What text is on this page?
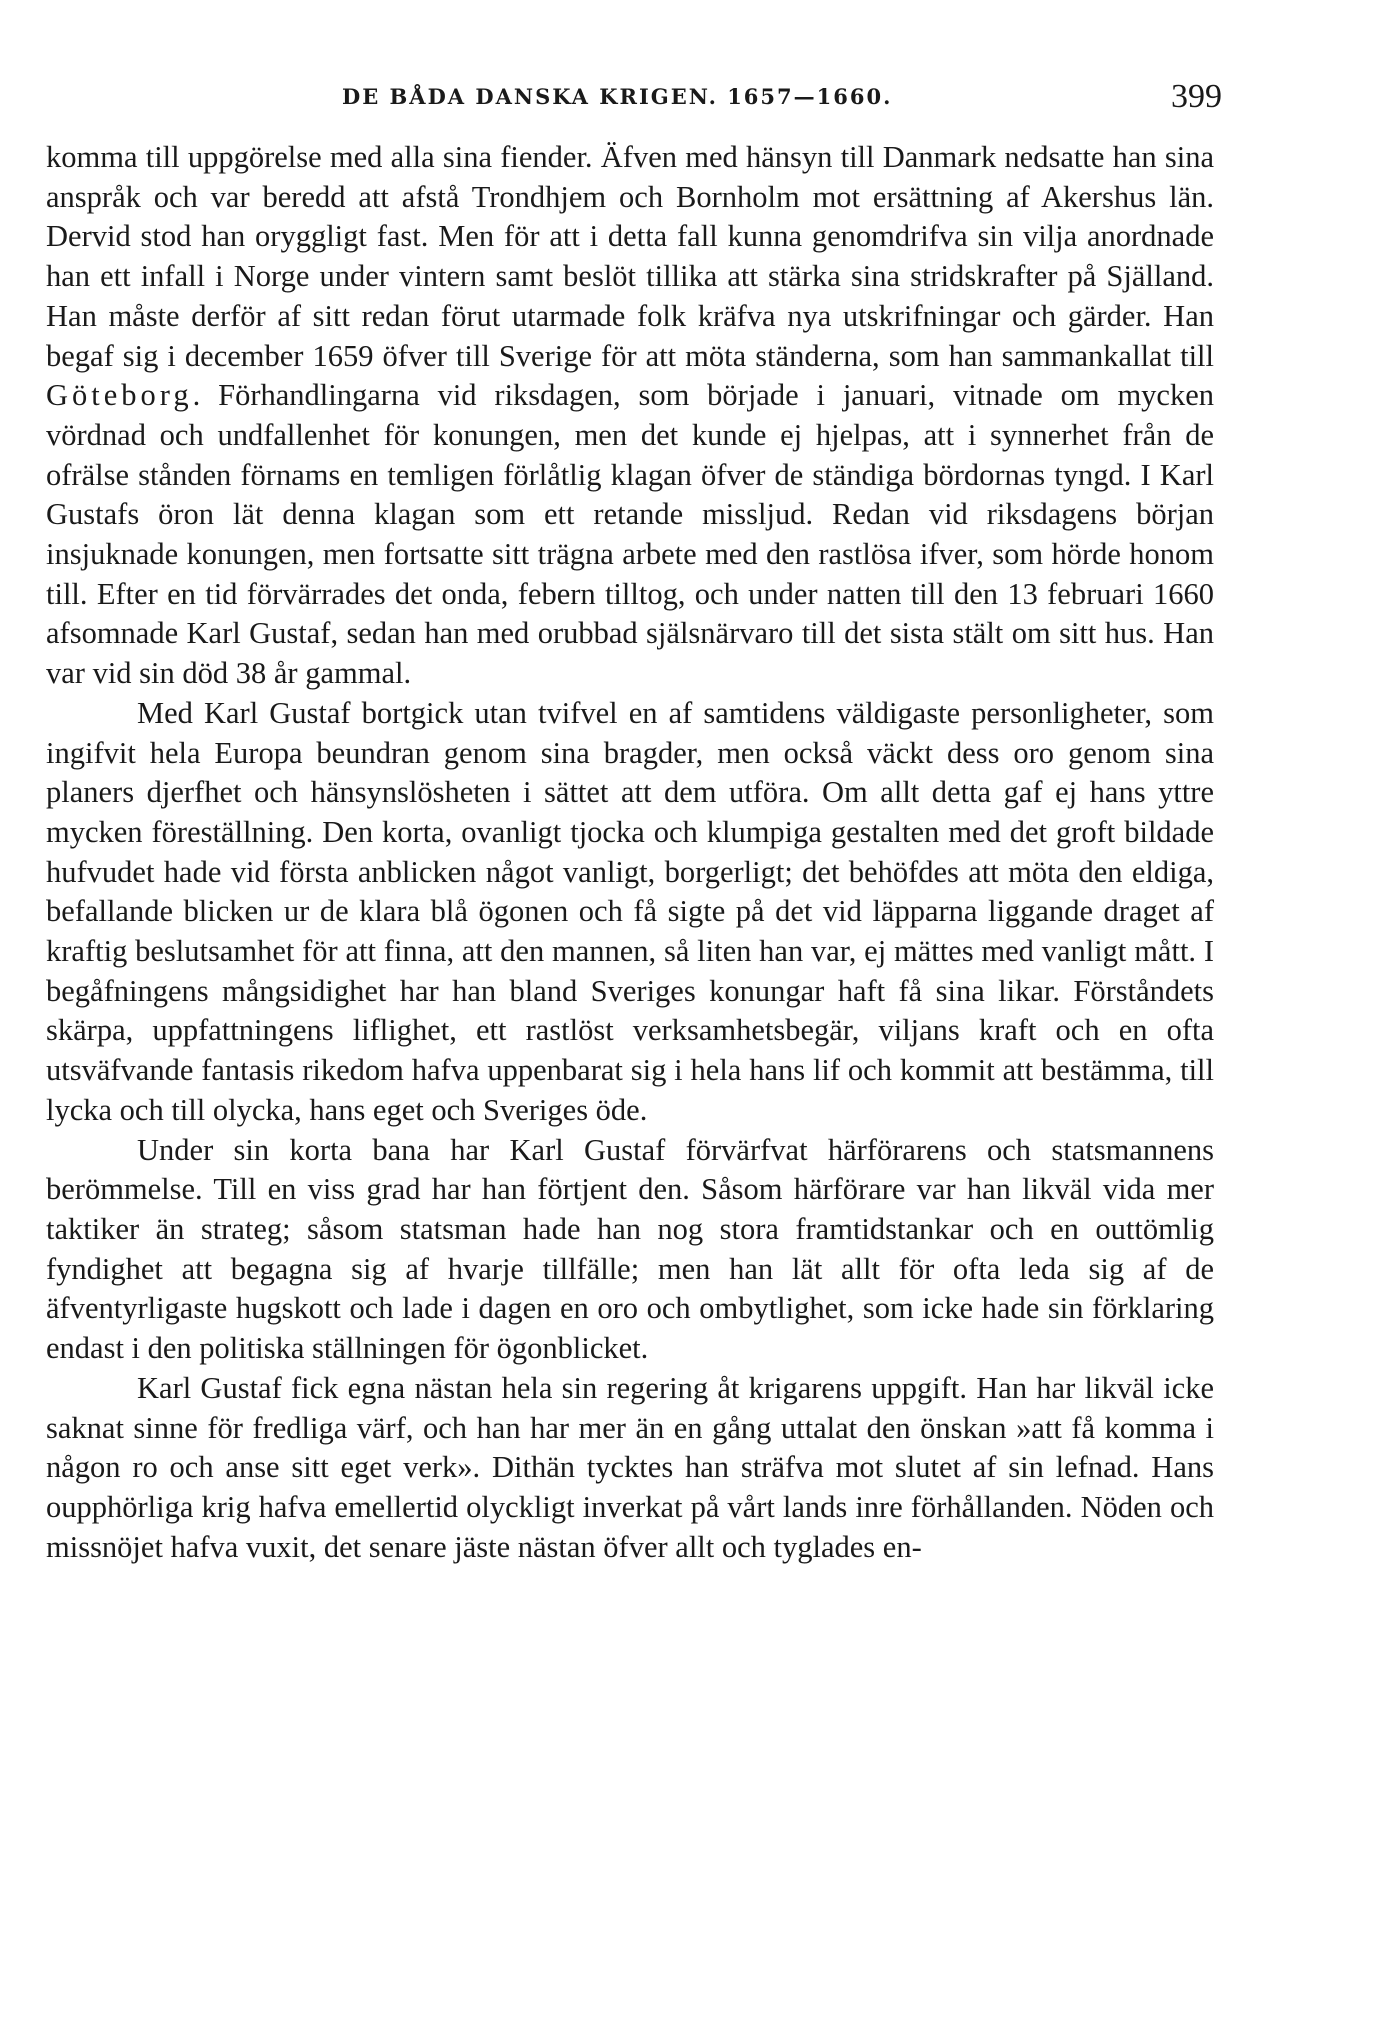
DE BÅDA DANSKA KRIGEN. 1657—1660.	399

komma till uppgörelse med alla sina fiender. Äfven med hänsyn till Danmark nedsatte han sina anspråk och var beredd att afstå Trondhjem och Bornholm mot ersättning af Akershus län. Dervid stod han oryggligt fast. Men för att i detta fall kunna genomdrifva sin vilja anordnade han ett infall i Norge under vintern samt beslöt tillika att stärka sina stridskrafter på Själland. Han måste derför af sitt redan förut utarmade folk kräfva nya utskrifningar och gärder. Han begaf sig i december 1659 öfver till Sverige för att möta ständerna, som han sammankallat till Göteborg. Förhandlingarna vid riksdagen, som började i januari, vitnade om mycken vördnad och undfallenhet för konungen, men det kunde ej hjelpas, att i synnerhet från de ofrälse stånden förnams en temligen förlåtlig klagan öfver de ständiga bördornas tyngd. I Karl Gustafs öron lät denna klagan som ett retande missljud. Redan vid riksdagens början insjuknade konungen, men fortsatte sitt trägna arbete med den rastlösa ifver, som hörde honom till. Efter en tid förvärrades det onda, febern tilltog, och under natten till den 13 februari 1660 afsomnade Karl Gustaf, sedan han med orubbad själsnärvaro till det sista stält om sitt hus. Han var vid sin död 38 år gammal.

Med Karl Gustaf bortgick utan tvifvel en af samtidens väldigaste personligheter, som ingifvit hela Europa beundran genom sina bragder, men också väckt dess oro genom sina planers djerfhet och hänsynslösheten i sättet att dem utföra. Om allt detta gaf ej hans yttre mycken föreställning. Den korta, ovanligt tjocka och klumpiga gestalten med det groft bildade hufvudet hade vid första anblicken något vanligt, borgerligt; det behöfdes att möta den eldiga, befallande blicken ur de klara blå ögonen och få sigte på det vid läpparna liggande draget af kraftig beslutsamhet för att finna, att den mannen, så liten han var, ej mättes med vanligt mått. I begåfningens mångsidighet har han bland Sveriges konungar haft få sina likar. Förståndets skärpa, uppfattningens liflighet, ett rastlöst verksamhetsbegär, viljans kraft och en ofta utsväfvande fantasis rikedom hafva uppenbarat sig i hela hans lif och kommit att bestämma, till lycka och till olycka, hans eget och Sveriges öde.

Under sin korta bana har Karl Gustaf förvärfvat härförarens och statsmannens berömmelse. Till en viss grad har han förtjent den. Såsom härförare var han likväl vida mer taktiker än strateg; såsom statsman hade han nog stora framtidstankar och en outtömlig fyndighet att begagna sig af hvarje tillfälle; men han lät allt för ofta leda sig af de äfventyrligaste hugskott och lade i dagen en oro och ombytlighet, som icke hade sin förklaring endast i den politiska ställningen för ögonblicket.

Karl Gustaf fick egna nästan hela sin regering åt krigarens uppgift. Han har likväl icke saknat sinne för fredliga värf, och han har mer än en gång uttalat den önskan »att få komma i någon ro och anse sitt eget verk». Dithän tycktes han sträfva mot slutet af sin lefnad. Hans oupphörliga krig hafva emellertid olyckligt inverkat på vårt lands inre förhållanden. Nöden och missnöjet hafva vuxit, det senare jäste nästan öfver allt och tyglades en-
